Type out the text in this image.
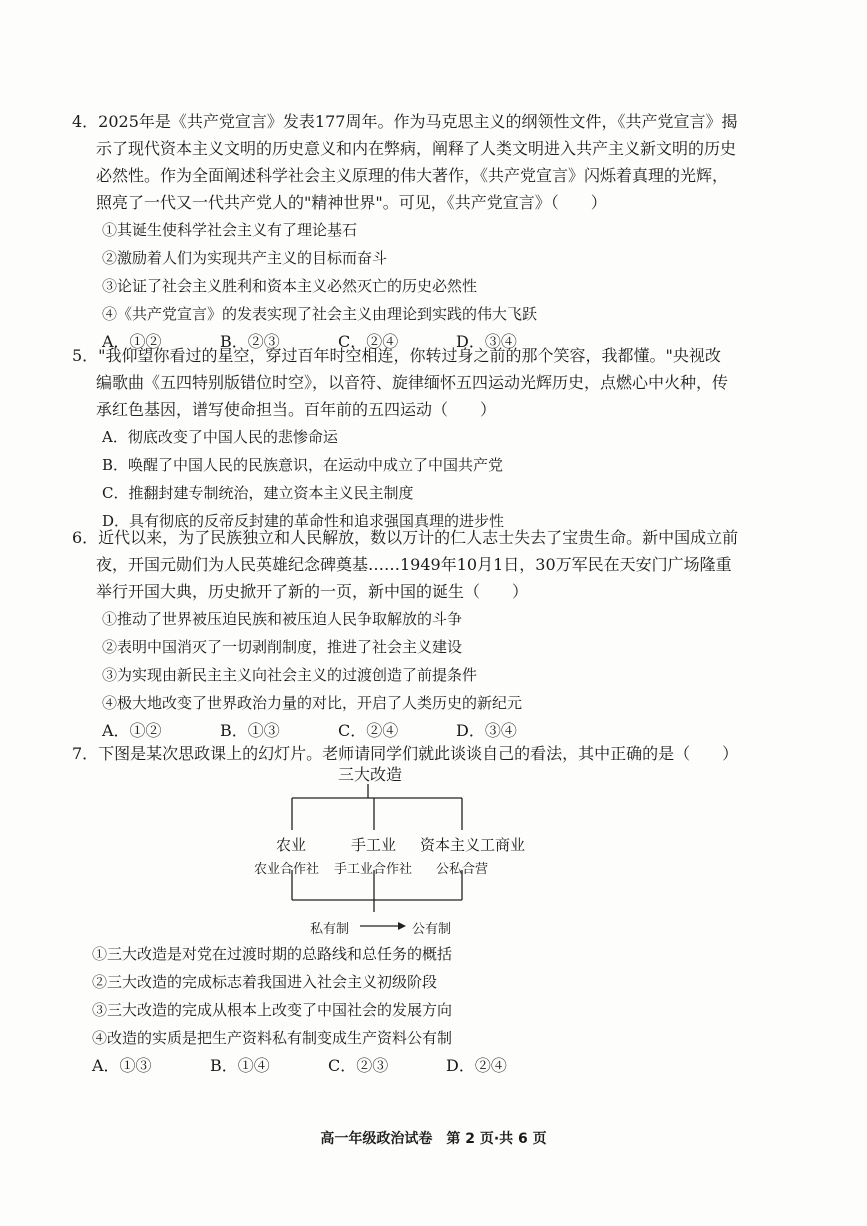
4．2025年是《共产党宣言》发表177周年。作为马克思主义的纲领性文件，《共产党宣言》揭
示了现代资本主义文明的历史意义和内在弊病，阐释了人类文明进入共产主义新文明的历史
必然性。作为全面阐述科学社会主义原理的伟大著作，《共产党宣言》闪烁着真理的光辉，
照亮了一代又一代共产党人的"精神世界"。可见，《共产党宣言》（　　）
①其诞生使科学社会主义有了理论基石
②激励着人们为实现共产主义的目标而奋斗
③论证了社会主义胜利和资本主义必然灭亡的历史必然性
④《共产党宣言》的发表实现了社会主义由理论到实践的伟大飞跃
A．①②	B．②③	C．②④	D．③④
5．"我仰望你看过的星空，穿过百年时空相连，你转过身之前的那个笑容，我都懂。"央视改
编歌曲《五四特别版错位时空》，以音符、旋律缅怀五四运动光辉历史，点燃心中火种，传
承红色基因，谱写使命担当。百年前的五四运动（　　）
A．彻底改变了中国人民的悲惨命运
B．唤醒了中国人民的民族意识，在运动中成立了中国共产党
C．推翻封建专制统治，建立资本主义民主制度
D．具有彻底的反帝反封建的革命性和追求强国真理的进步性
6．近代以来，为了民族独立和人民解放，数以万计的仁人志士失去了宝贵生命。新中国成立前
夜，开国元勋们为人民英雄纪念碑奠基……1949年10月1日，30万军民在天安门广场隆重
举行开国大典，历史掀开了新的一页，新中国的诞生（　　）
①推动了世界被压迫民族和被压迫人民争取解放的斗争
②表明中国消灭了一切剥削制度，推进了社会主义建设
③为实现由新民主主义向社会主义的过渡创造了前提条件
④极大地改变了世界政治力量的对比，开启了人类历史的新纪元
A．①②	B．①③	C．②④	D．③④
7．下图是某次思政课上的幻灯片。老师请同学们就此谈谈自己的看法，其中正确的是（　　）
三大改造
农业	手工业 资本主义工商业
农业合作社 手工业合作社 公私合营
私有制	公有制
①三大改造是对党在过渡时期的总路线和总任务的概括
②三大改造的完成标志着我国进入社会主义初级阶段
③三大改造的完成从根本上改变了中国社会的发展方向
④改造的实质是把生产资料私有制变成生产资料公有制
A．①③	B．①④	C．②③	D．②④
高一年级政治试卷　第 2 页·共 6 页
